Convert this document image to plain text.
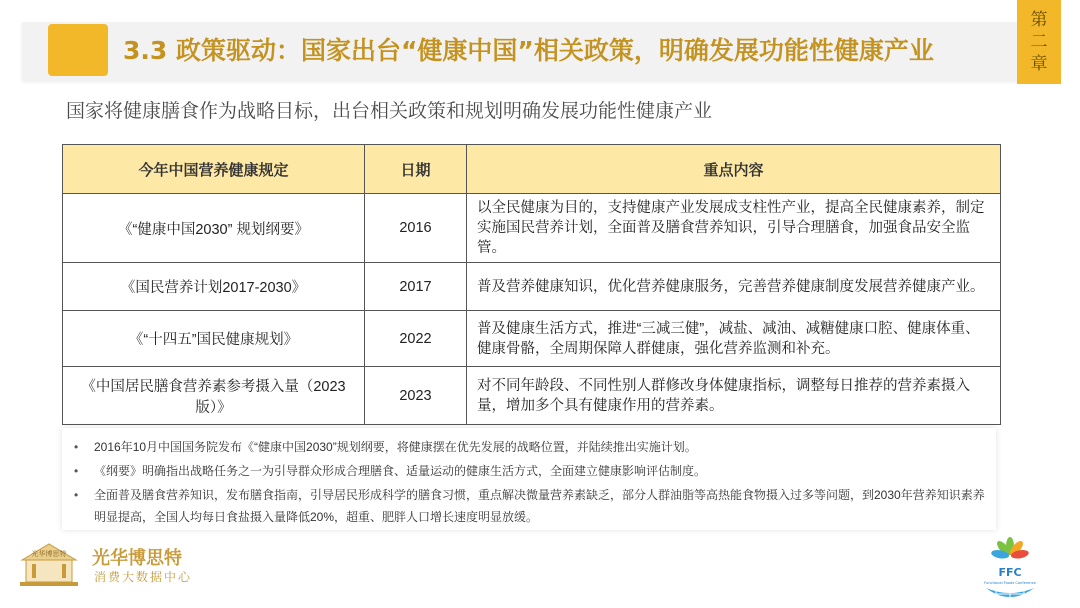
3.3 政策驱动：国家出台“健康中国”相关政策，明确发展功能性健康产业
第
二
章
国家将健康膳食作为战略目标，出台相关政策和规划明确发展功能性健康产业
今年中国营养健康规定	日期	重点内容
《“健康中国2030” 规划纲要》	2016	以全民健康为目的，支持健康产业发展成支柱性产业，提高全民健康素养，制定实施国民营养计划，全面普及膳食营养知识，引导合理膳食，加强食品安全监管。
《国民营养计划2017-2030》	2017	普及营养健康知识，优化营养健康服务，完善营养健康制度发展营养健康产业。
《“十四五”国民健康规划》	2022	普及健康生活方式，推进“三减三健”，减盐、减油、减糖健康口腔、健康体重、健康骨骼，全周期保障人群健康，强化营养监测和补充。
《中国居民膳食营养素参考摄入量（2023版）》	2023	对不同年龄段、不同性别人群修改身体健康指标，调整每日推荐的营养素摄入量，增加多个具有健康作用的营养素。
• 2016年10月中国国务院发布《“健康中国2030”规划纲要，将健康摆在优先发展的战略位置，并陆续推出实施计划。
• 《纲要》明确指出战略任务之一为引导群众形成合理膳食、适量运动的健康生活方式，全面建立健康影响评估制度。
• 全面普及膳食营养知识，发布膳食指南，引导居民形成科学的膳食习惯，重点解决微量营养素缺乏，部分人群油脂等高热能食物摄入过多等问题，到2030年营养知识素养明显提高，全国人均每日食盐摄入量降低20%，超重、肥胖人口增长速度明显放缓。
光华博思特 光华博思特
消费大数据中心	FFC
Functional Foods Conference
